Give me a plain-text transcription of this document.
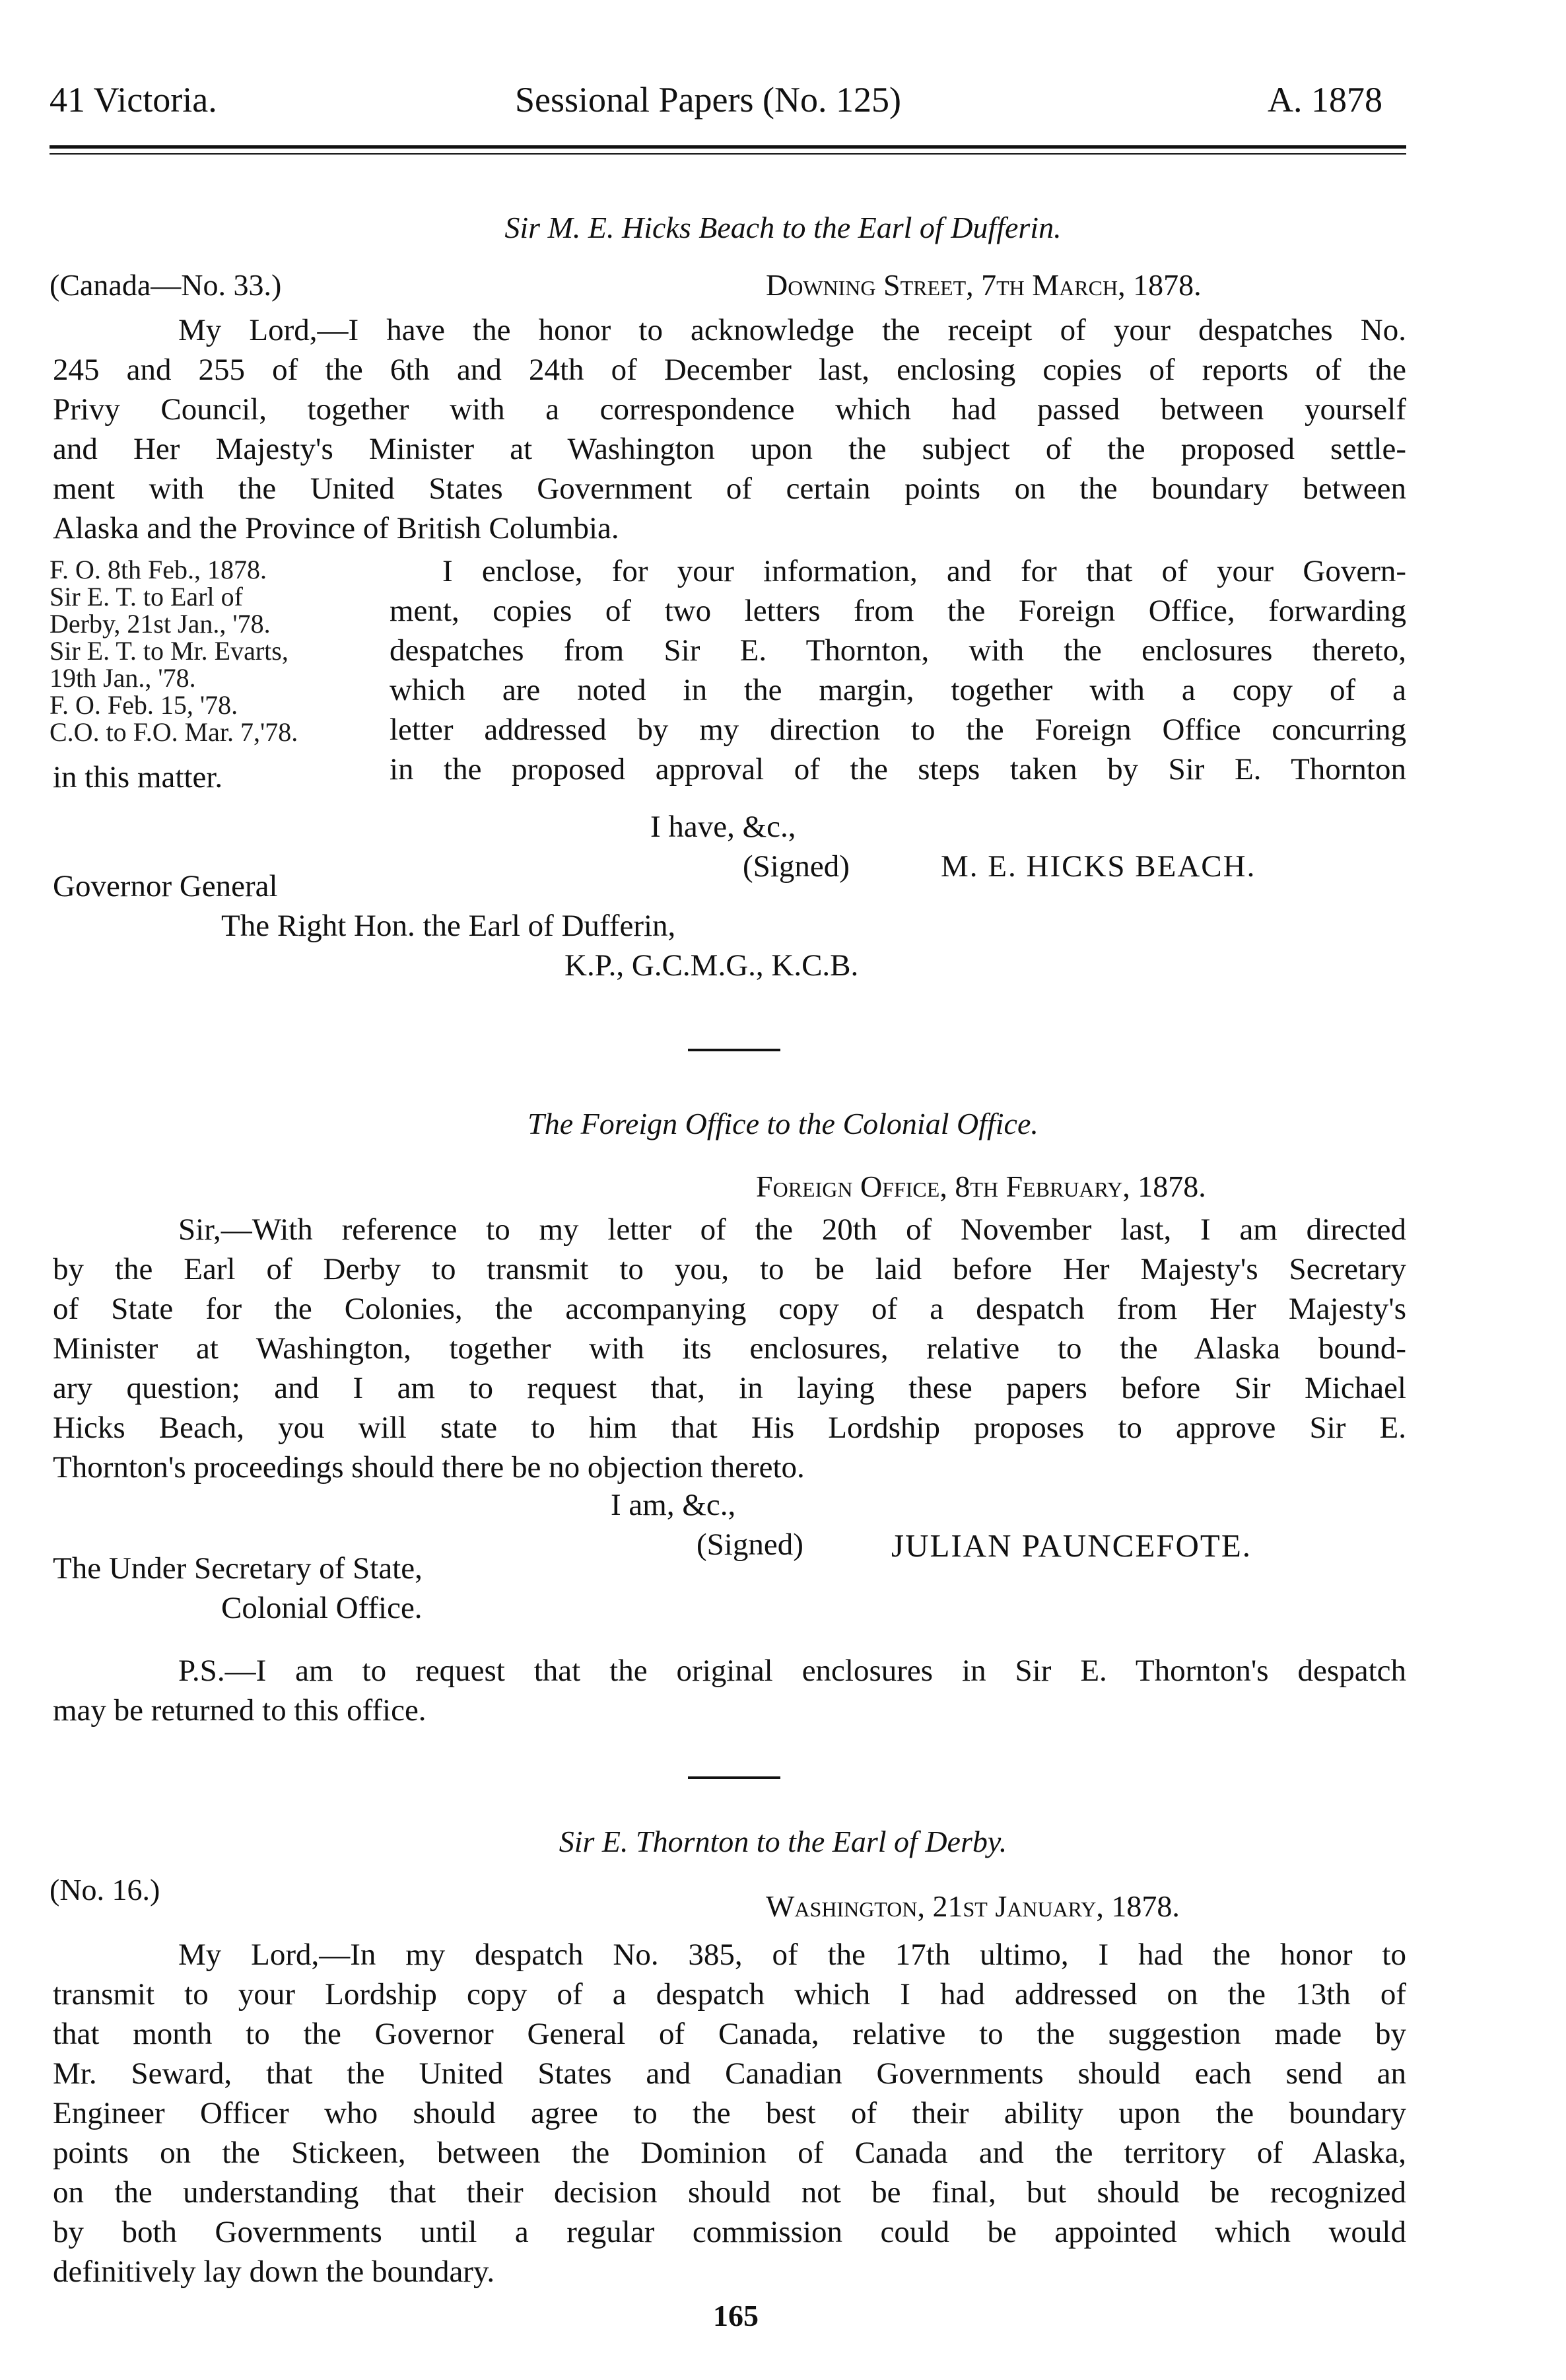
41 Victoria.	Sessional Papers (No. 125)	A. 1878
Sir M. E. Hicks Beach to the Earl of Dufferin.
(Canada—No. 33.)	Downing Street, 7th March, 1878.
My Lord,—I have the honor to acknowledge the receipt of your despatches No.
245 and 255 of the 6th and 24th of December last, enclosing copies of reports of the
Privy Council, together with a correspondence which had passed between yourself
and Her Majesty's Minister at Washington upon the subject of the proposed settle-
ment with the United States Government of certain points on the boundary between
Alaska and the Province of British Columbia.
F. O. 8th Feb., 1878.
Sir E. T. to Earl of
Derby, 21st Jan., '78.
Sir E. T. to Mr. Evarts,
19th Jan., '78.
F. O. Feb. 15, '78.
C.O. to F.O. Mar. 7,'78.
I enclose, for your information, and for that of your Govern-
ment, copies of two letters from the Foreign Office, forwarding
despatches from Sir E. Thornton, with the enclosures thereto,
which are noted in the margin, together with a copy of a
letter addressed by my direction to the Foreign Office concurring
in the proposed approval of the steps taken by Sir E. Thornton
in this matter.
I have, &c.,
(Signed)	M. E. HICKS BEACH.
Governor General
The Right Hon. the Earl of Dufferin,
K.P., G.C.M.G., K.C.B.
The Foreign Office to the Colonial Office.
Foreign Office, 8th February, 1878.
Sir,—With reference to my letter of the 20th of November last, I am directed
by the Earl of Derby to transmit to you, to be laid before Her Majesty's Secretary
of State for the Colonies, the accompanying copy of a despatch from Her Majesty's
Minister at Washington, together with its enclosures, relative to the Alaska bound-
ary question; and I am to request that, in laying these papers before Sir Michael
Hicks Beach, you will state to him that His Lordship proposes to approve Sir E.
Thornton's proceedings should there be no objection thereto.
I am, &c.,
(Signed)	JULIAN PAUNCEFOTE.
The Under Secretary of State,
Colonial Office.
P.S.—I am to request that the original enclosures in Sir E. Thornton's despatch
may be returned to this office.
Sir E. Thornton to the Earl of Derby.
(No. 16.)	Washington, 21st January, 1878.
My Lord,—In my despatch No. 385, of the 17th ultimo, I had the honor to
transmit to your Lordship copy of a despatch which I had addressed on the 13th of
that month to the Governor General of Canada, relative to the suggestion made by
Mr. Seward, that the United States and Canadian Governments should each send an
Engineer Officer who should agree to the best of their ability upon the boundary
points on the Stickeen, between the Dominion of Canada and the territory of Alaska,
on the understanding that their decision should not be final, but should be recognized
by both Governments until a regular commission could be appointed which would
definitively lay down the boundary.
165
